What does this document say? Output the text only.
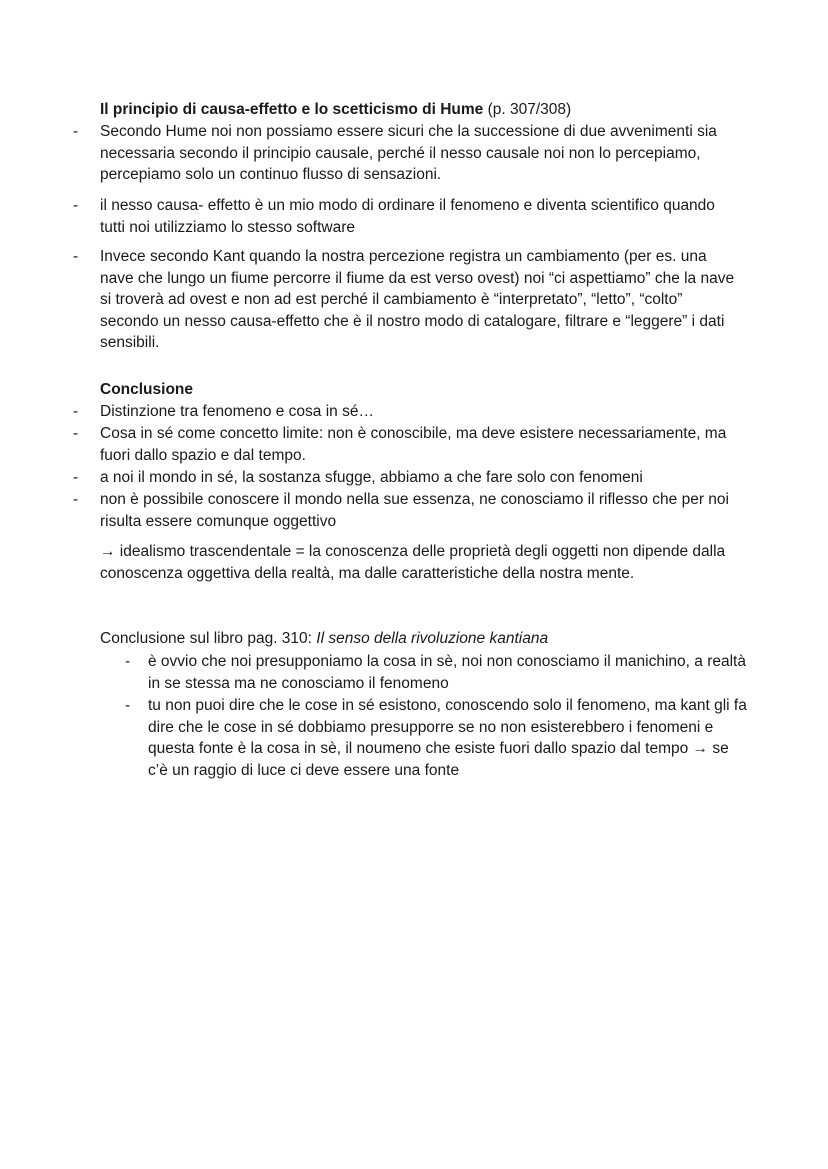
Il principio di causa-effetto e lo scetticismo di Hume (p. 307/308)

- Secondo Hume noi non possiamo essere sicuri che la successione di due avvenimenti sia necessaria secondo il principio causale, perché il nesso causale noi non lo percepiamo, percepiamo solo un continuo flusso di sensazioni.

- il nesso causa- effetto è un mio modo di ordinare il fenomeno e diventa scientifico quando tutti noi utilizziamo lo stesso software

- Invece secondo Kant quando la nostra percezione registra un cambiamento (per es. una nave che lungo un fiume percorre il fiume da est verso ovest) noi “ci aspettiamo” che la nave si troverà ad ovest e non ad est perché il cambiamento è “interpretato”, “letto”, “colto” secondo un nesso causa-effetto che è il nostro modo di catalogare, filtrare e “leggere” i dati sensibili.

Conclusione

- Distinzione tra fenomeno e cosa in sé…

- Cosa in sé come concetto limite: non è conoscibile, ma deve esistere necessariamente, ma fuori dallo spazio e dal tempo.

- a noi il mondo in sé, la sostanza sfugge, abbiamo a che fare solo con fenomeni

- non è possibile conoscere il mondo nella sue essenza, ne conosciamo il riflesso che per noi risulta essere comunque oggettivo

→ idealismo trascendentale = la conoscenza delle proprietà degli oggetti non dipende dalla conoscenza oggettiva della realtà, ma dalle caratteristiche della nostra mente.

Conclusione sul libro pag. 310: Il senso della rivoluzione kantiana

- è ovvio che noi presupponiamo la cosa in sè, noi non conosciamo il manichino, a realtà in se stessa ma ne conosciamo il fenomeno

- tu non puoi dire che le cose in sé esistono, conoscendo solo il fenomeno, ma kant gli fa dire che le cose in sé dobbiamo presupporre se no non esisterebbero i fenomeni e questa fonte è la cosa in sè, il noumeno che esiste fuori dallo spazio dal tempo → se c’è un raggio di luce ci deve essere una fonte
